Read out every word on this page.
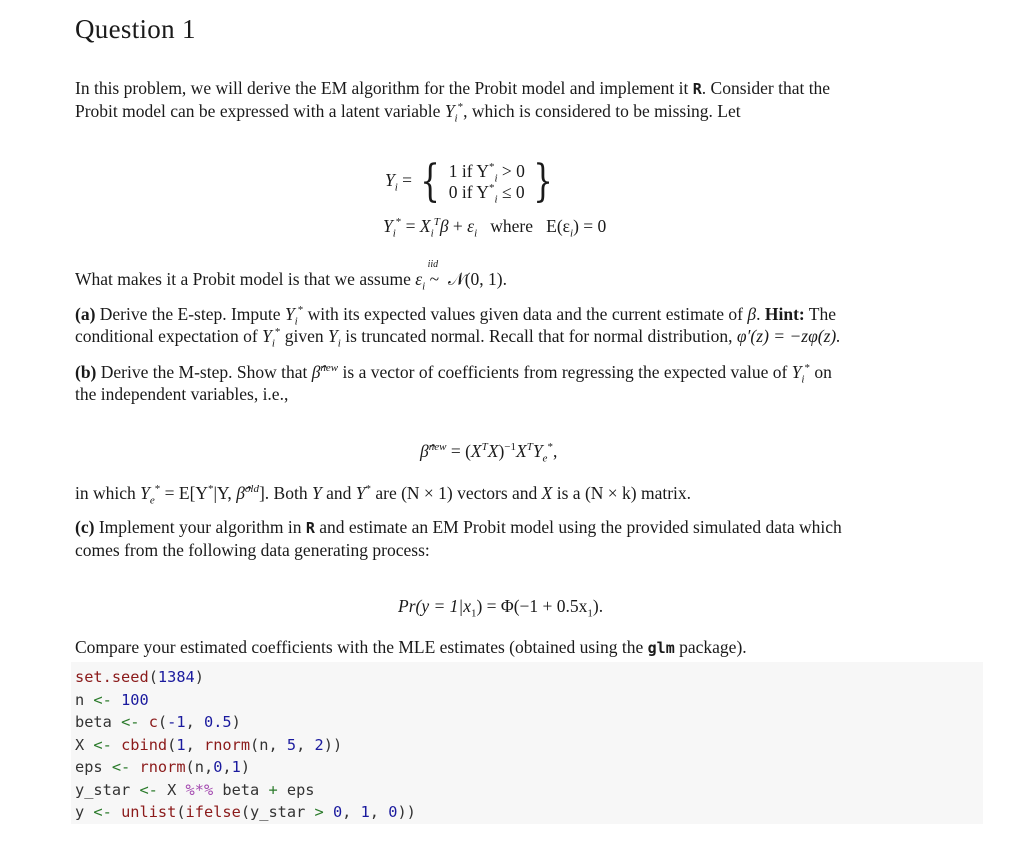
Question 1
In this problem, we will derive the EM algorithm for the Probit model and implement it R. Consider that the
Probit model can be expressed with a latent variable $Y_i^*$, which is considered to be missing. Let
$Y_i$ = { 1 if $Y^*_i > 0$
0 if $Y^*_i \le 0$ }
$Y_i^* = X_i^T\beta + \varepsilon_i$ where $E(\varepsilon_i) = 0$
What makes it a Probit model is that we assume $\varepsilon_i$
iid
~ 𝒩(0, 1).
(a) Derive the E-step. Impute $Y_i^*$ with its expected values given data and the current estimate of β. Hint: The
conditional expectation of $Y_i^*$ given $Y_i$ is truncated normal. Recall that for normal distribution, φ′(z) = −zφ(z).
(b) Derive the M-step. Show that β̂$^{new}$ is a vector of coefficients from regressing the expected value of $Y_i^*$ on
the independent variables, i.e.,
β̂$^{new}$ = $(X^TX)^{-1}X^TY_e^*$,
in which $Y_e^* = E[Y^*|Y$, β̂$^{old}$]. Both Y and Y* are (N × 1) vectors and X is a (N × k) matrix.
(c) Implement your algorithm in R and estimate an EM Probit model using the provided simulated data which
comes from the following data generating process:
$Pr(y = 1|x_1) = \Phi(-1 + 0.5x_1)$.
Compare your estimated coefficients with the MLE estimates (obtained using the glm package).
set.seed(1384)
n <- 100
beta <- c(-1, 0.5)
X <- cbind(1, rnorm(n, 5, 2))
eps <- rnorm(n,0,1)
y_star <- X %*% beta + eps
y <- unlist(ifelse(y_star > 0, 1, 0))
